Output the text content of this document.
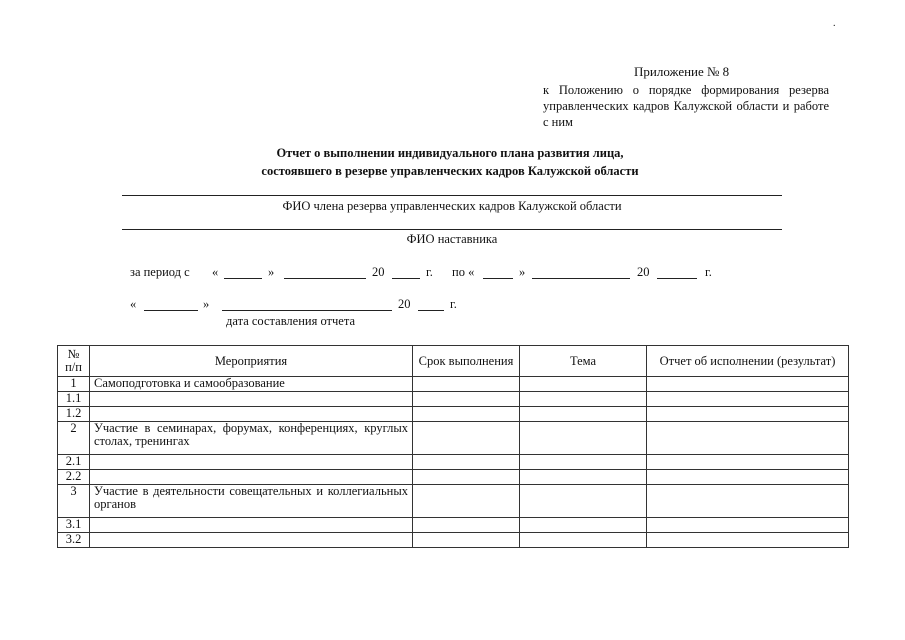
.
Приложение № 8
к Положению о порядке формирования резерва управленческих кадров Калужской области и работе с ним
Отчет о выполнении индивидуального плана развития лица,
состоявшего в резерве управленческих кадров Калужской области
ФИО члена резерва управленческих кадров Калужской области
ФИО наставника
за период с «	»	20	г. по «	»	20	г.
«	»	20	г.
дата составления отчета
№ п/п	Мероприятия	Срок выполнения	Тема	Отчет об исполнении (результат)
1	Самоподготовка и самообразование			
1.1				
1.2				
2	Участие в семинарах, форумах, конференциях, круглых столах, тренингах			
2.1				
2.2				
3	Участие в деятельности совещательных и коллегиальных органов			
3.1				
3.2				
